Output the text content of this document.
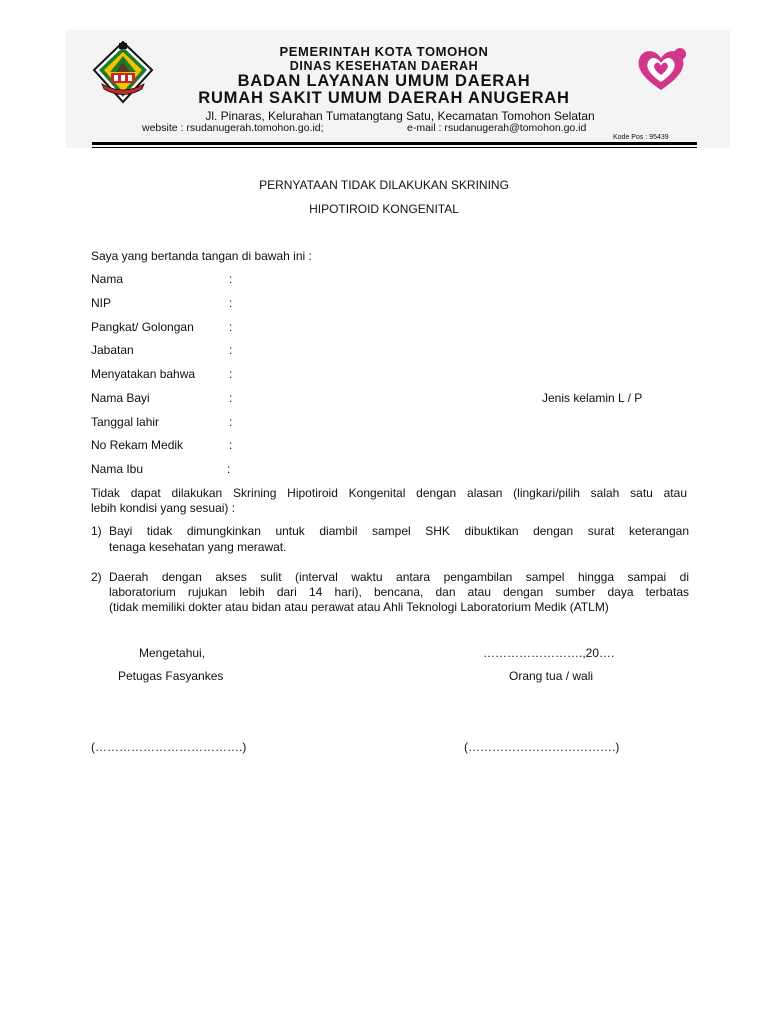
PEMERINTAH KOTA TOMOHON
DINAS KESEHATAN DAERAH
BADAN LAYANAN UMUM DAERAH
RUMAH SAKIT UMUM DAERAH ANUGERAH
Jl. Pinaras, Kelurahan Tumatangtang Satu, Kecamatan Tomohon Selatan
website : rsudanugerah.tomohon.go.id;	e-mail : rsudanugerah@tomohon.go.id
Kode Pos : 95439
PERNYATAAN TIDAK DILAKUKAN SKRINING
HIPOTIROID KONGENITAL
Saya yang bertanda tangan di bawah ini :
Nama	:
NIP	:
Pangkat/ Golongan	:
Jabatan	:
Menyatakan bahwa	:
Nama Bayi	:	Jenis kelamin L / P
Tanggal lahir	:
No Rekam Medik	:
Nama Ibu	:
Tidak dapat dilakukan Skrining Hipotiroid Kongenital dengan alasan (lingkari/pilih salah satu atau
lebih kondisi yang sesuai) :
1) Bayi tidak dimungkinkan untuk diambil sampel SHK dibuktikan dengan surat keterangan
tenaga kesehatan yang merawat.
2) Daerah dengan akses sulit (interval waktu antara pengambilan sampel hingga sampai di
laboratorium rujukan lebih dari 14 hari), bencana, dan atau dengan sumber daya terbatas
(tidak memiliki dokter atau bidan atau perawat atau Ahli Teknologi Laboratorium Medik (ATLM)
Mengetahui,	…………………….,20….
Petugas Fasyankes	Orang tua / wali
(……………………………….)	(……………………………….)
